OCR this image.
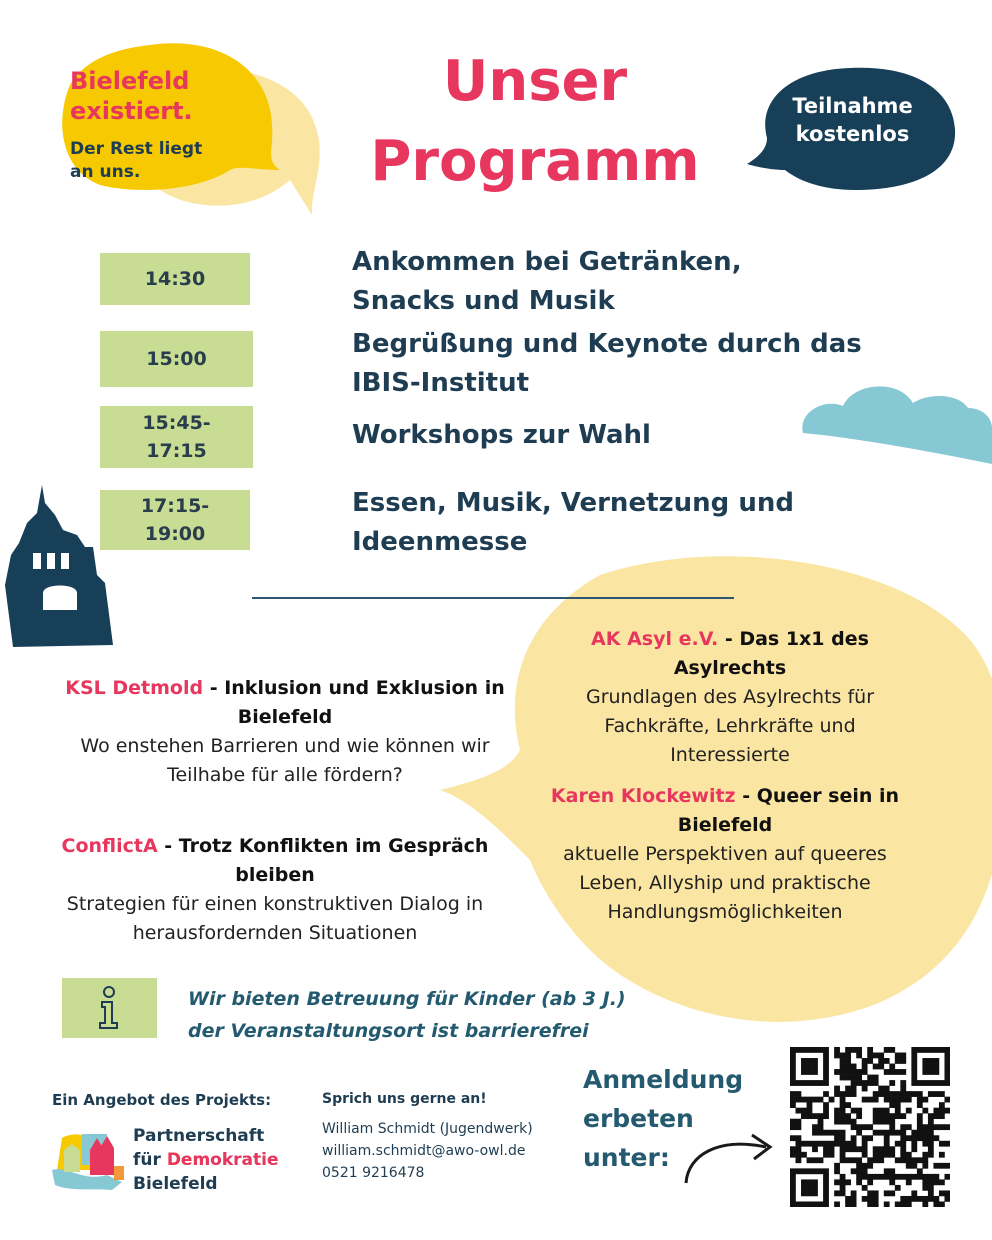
Bielefeld
existiert.
Der Rest liegt
an uns.
Unser
Programm
Teilnahme
kostenlos
14:30
Ankommen bei Getränken,
Snacks und Musik
15:00	Begrüßung und Keynote durch das
IBIS-Institut
15:45-
17:15
Workshops zur Wahl
17:15-
19:00
Essen, Musik, Vernetzung und
Ideenmesse
AK Asyl e.V. - Das 1x1 des Asylrechts
Grundlagen des Asylrechts für
Fachkräfte, Lehrkräfte und
Interessierte
KSL Detmold - Inklusion und Exklusion in
Bielefeld
Wo enstehen Barrieren und wie können wir
Teilhabe für alle fördern?
Karen Klockewitz - Queer sein in
Bielefeld
aktuelle Perspektiven auf queeres
Leben, Allyship und praktische
Handlungsmöglichkeiten
ConflictA - Trotz Konflikten im Gespräch
bleiben
Strategien für einen konstruktiven Dialog in
herausfordernden Situationen
Wir bieten Betreuung für Kinder (ab 3 J.)
der Veranstaltungsort ist barrierefrei
Ein Angebot des Projekts:
Partnerschaft
für Demokratie
Bielefeld
Sprich uns gerne an!
William Schmidt (Jugendwerk)
william.schmidt@awo-owl.de
0521 9216478
Anmeldung
erbeten
unter:
